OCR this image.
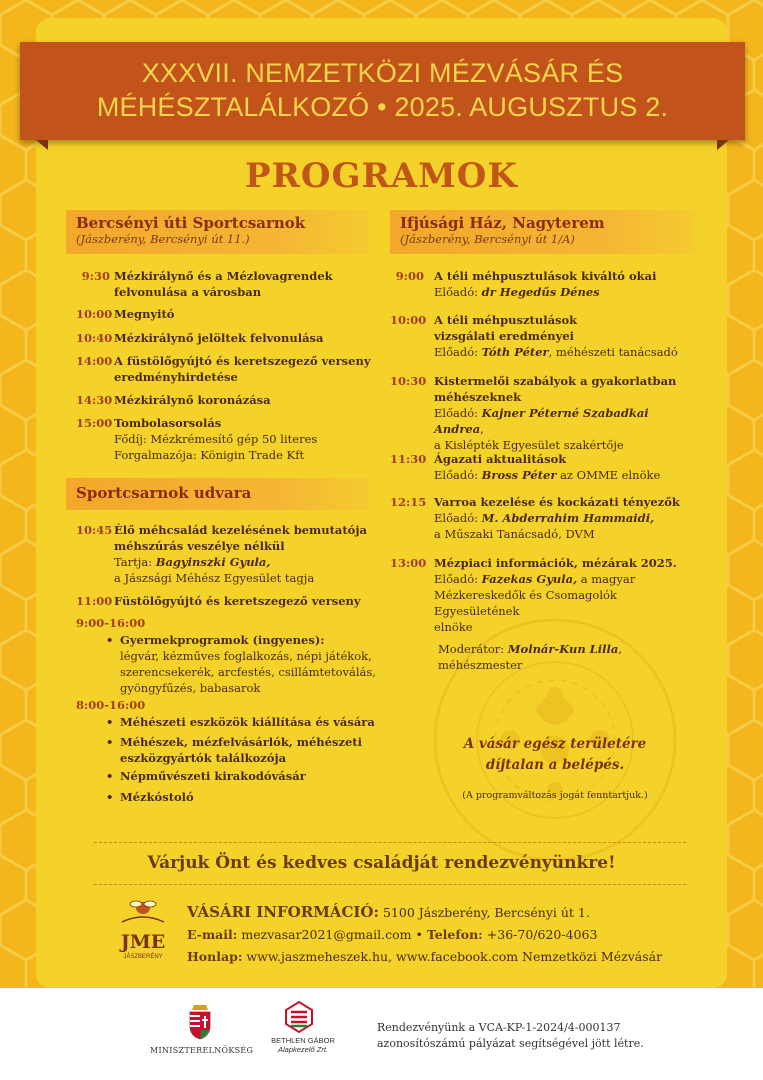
XXXVII. NEMZETKÖZI MÉZVÁSÁR ÉS
MÉHÉSZTALÁLKOZÓ • 2025. AUGUSZTUS 2.
PROGRAMOK
Bercsényi úti Sportcsarnok
(Jászberény, Bercsényi út 11.)
9:30 Mézkirálynő és a Mézlovagrendek
felvonulása a városban
10:00 Megnyitó
10:40 Mézkirálynő jelöltek felvonulása
14:00 A füstölőgyújtó és keretszegező verseny
eredményhirdetése
14:30 Mézkirálynő koronázása
15:00 Tombolasorsolás
Fődíj: Mézkrémesítő gép 50 literes
Forgalmazója: Königin Trade Kft
Sportcsarnok udvara
10:45 Élő méhcsalád kezelésének bemutatója
méhszúrás veszélye nélkül
Tartja: Bagyinszki Gyula,
a Jászsági Méhész Egyesület tagja
11:00 Füstölőgyújtó és keretszegező verseny
9:00-16:00
• Gyermekprogramok (ingyenes):
légvár, kézműves foglalkozás, népi játékok,
szerencsekerék, arcfestés, csillámtetoválás,
gyöngyfűzés, babasarok
8:00-16:00
• Méhészeti eszközök kiállítása és vására
• Méhészek, mézfelvásárlók, méhészeti
eszközgyártók találkozója
• Népművészeti kirakodóvásár
• Mézkóstoló
Ifjúsági Ház, Nagyterem
(Jászberény, Bercsényi út 1/A)
9:00 A téli méhpusztulások kiváltó okai
Előadó: dr Hegedűs Dénes
10:00 A téli méhpusztulások
vizsgálati eredményei
Előadó: Tóth Péter, méhészeti tanácsadó
10:30 Kistermelői szabályok a gyakorlatban
méhészeknek
Előadó: Kajner Péterné Szabadkai Andrea,
a Kislépték Egyesület szakértője
11:30 Ágazati aktualitások
Előadó: Bross Péter az OMME elnöke
12:15 Varroa kezelése és kockázati tényezők
Előadó: M. Abderrahim Hammaidi,
a Műszaki Tanácsadó, DVM
13:00 Mézpiaci információk, mézárak 2025.
Előadó: Fazekas Gyula, a magyar
Mézkereskedők és Csomagolók Egyesületének
elnöke
Moderátor: Molnár-Kun Lilla,
méhészmester
A vásár egész területére
díjtalan a belépés.
(A programváltozás jogát fenntartjuk.)
Várjuk Önt és kedves családját rendezvényünkre!
JME
JÁSZBERÉNY
VÁSÁRI INFORMÁCIÓ: 5100 Jászberény, Bercsényi út 1.
E-mail: mezvasar2021@gmail.com • Telefon: +36-70/620-4063
Honlap: www.jaszmeheszek.hu, www.facebook.com Nemzetközi Mézvásár
MINISZTERELNÖKSÉG
BETHLEN GÁBOR
Alapkezelő Zrt.
Rendezvényünk a VCA-KP-1-2024/4-000137
azonosítószámú pályázat segítségével jött létre.
